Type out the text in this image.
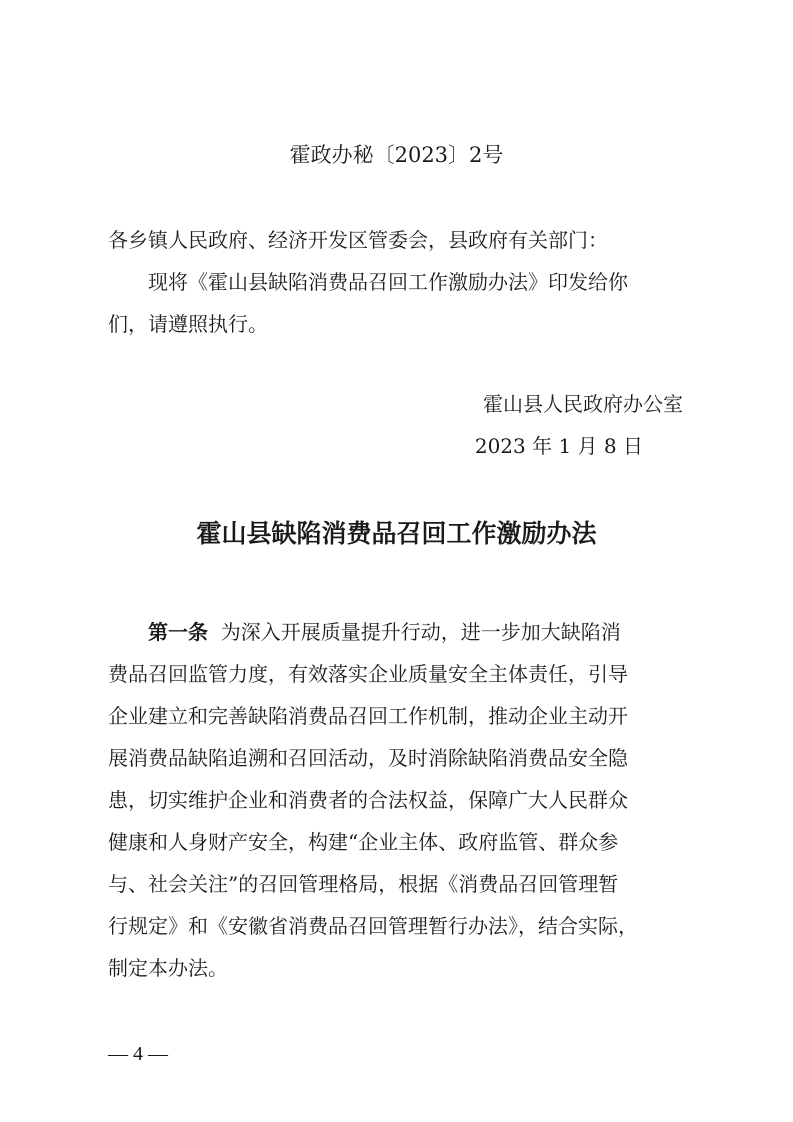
霍政办秘〔2023〕2号
各乡镇人民政府、经济开发区管委会，县政府有关部门：
现将《霍山县缺陷消费品召回工作激励办法》印发给你
们，请遵照执行。
霍山县人民政府办公室
2023 年 1 月 8 日
霍山县缺陷消费品召回工作激励办法
第一条 为深入开展质量提升行动，进一步加大缺陷消
费品召回监管力度，有效落实企业质量安全主体责任，引导
企业建立和完善缺陷消费品召回工作机制，推动企业主动开
展消费品缺陷追溯和召回活动，及时消除缺陷消费品安全隐
患，切实维护企业和消费者的合法权益，保障广大人民群众
健康和人身财产安全，构建“企业主体、政府监管、群众参
与、社会关注”的召回管理格局，根据《消费品召回管理暂
行规定》和《安徽省消费品召回管理暂行办法》，结合实际，
制定本办法。
— 4 —
